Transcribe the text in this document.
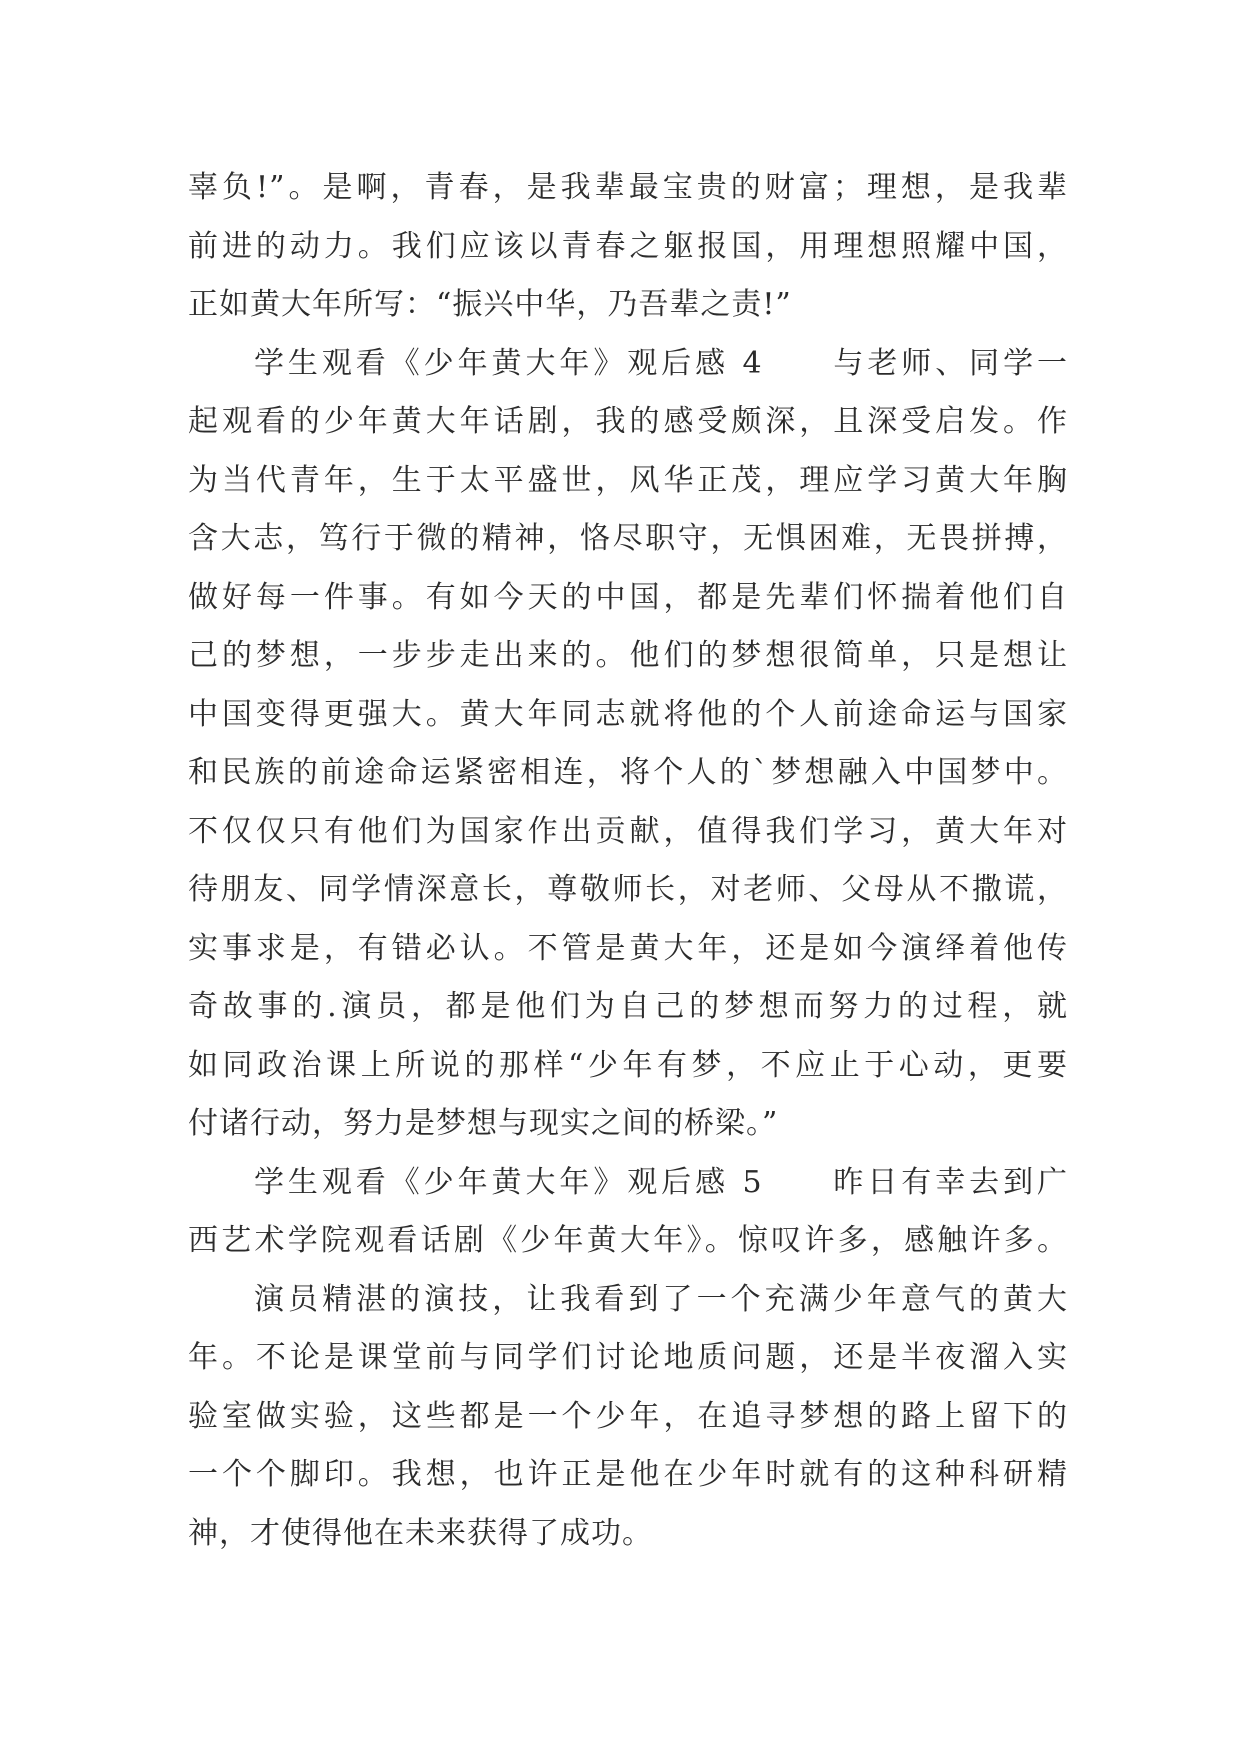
辜负!”。是啊，青春，是我辈最宝贵的财富；理想，是我辈
前进的动力。我们应该以青春之躯报国，用理想照耀中国，
正如黄大年所写：“振兴中华，乃吾辈之责!”
学生观看《少年黄大年》观后感 4　　与老师、同学一
起观看的少年黄大年话剧，我的感受颇深，且深受启发。作
为当代青年，生于太平盛世，风华正茂，理应学习黄大年胸
含大志，笃行于微的精神，恪尽职守，无惧困难，无畏拼搏，
做好每一件事。有如今天的中国，都是先辈们怀揣着他们自
己的梦想，一步步走出来的。他们的梦想很简单，只是想让
中国变得更强大。黄大年同志就将他的个人前途命运与国家
和民族的前途命运紧密相连，将个人的`梦想融入中国梦中。
不仅仅只有他们为国家作出贡献，值得我们学习，黄大年对
待朋友、同学情深意长，尊敬师长，对老师、父母从不撒谎，
实事求是，有错必认。不管是黄大年，还是如今演绎着他传
奇故事的.演员，都是他们为自己的梦想而努力的过程，就
如同政治课上所说的那样“少年有梦，不应止于心动，更要
付诸行动，努力是梦想与现实之间的桥梁。”
学生观看《少年黄大年》观后感 5　　昨日有幸去到广
西艺术学院观看话剧《少年黄大年》。惊叹许多，感触许多。
演员精湛的演技，让我看到了一个充满少年意气的黄大
年。不论是课堂前与同学们讨论地质问题，还是半夜溜入实
验室做实验，这些都是一个少年，在追寻梦想的路上留下的
一个个脚印。我想，也许正是他在少年时就有的这种科研精
神，才使得他在未来获得了成功。
